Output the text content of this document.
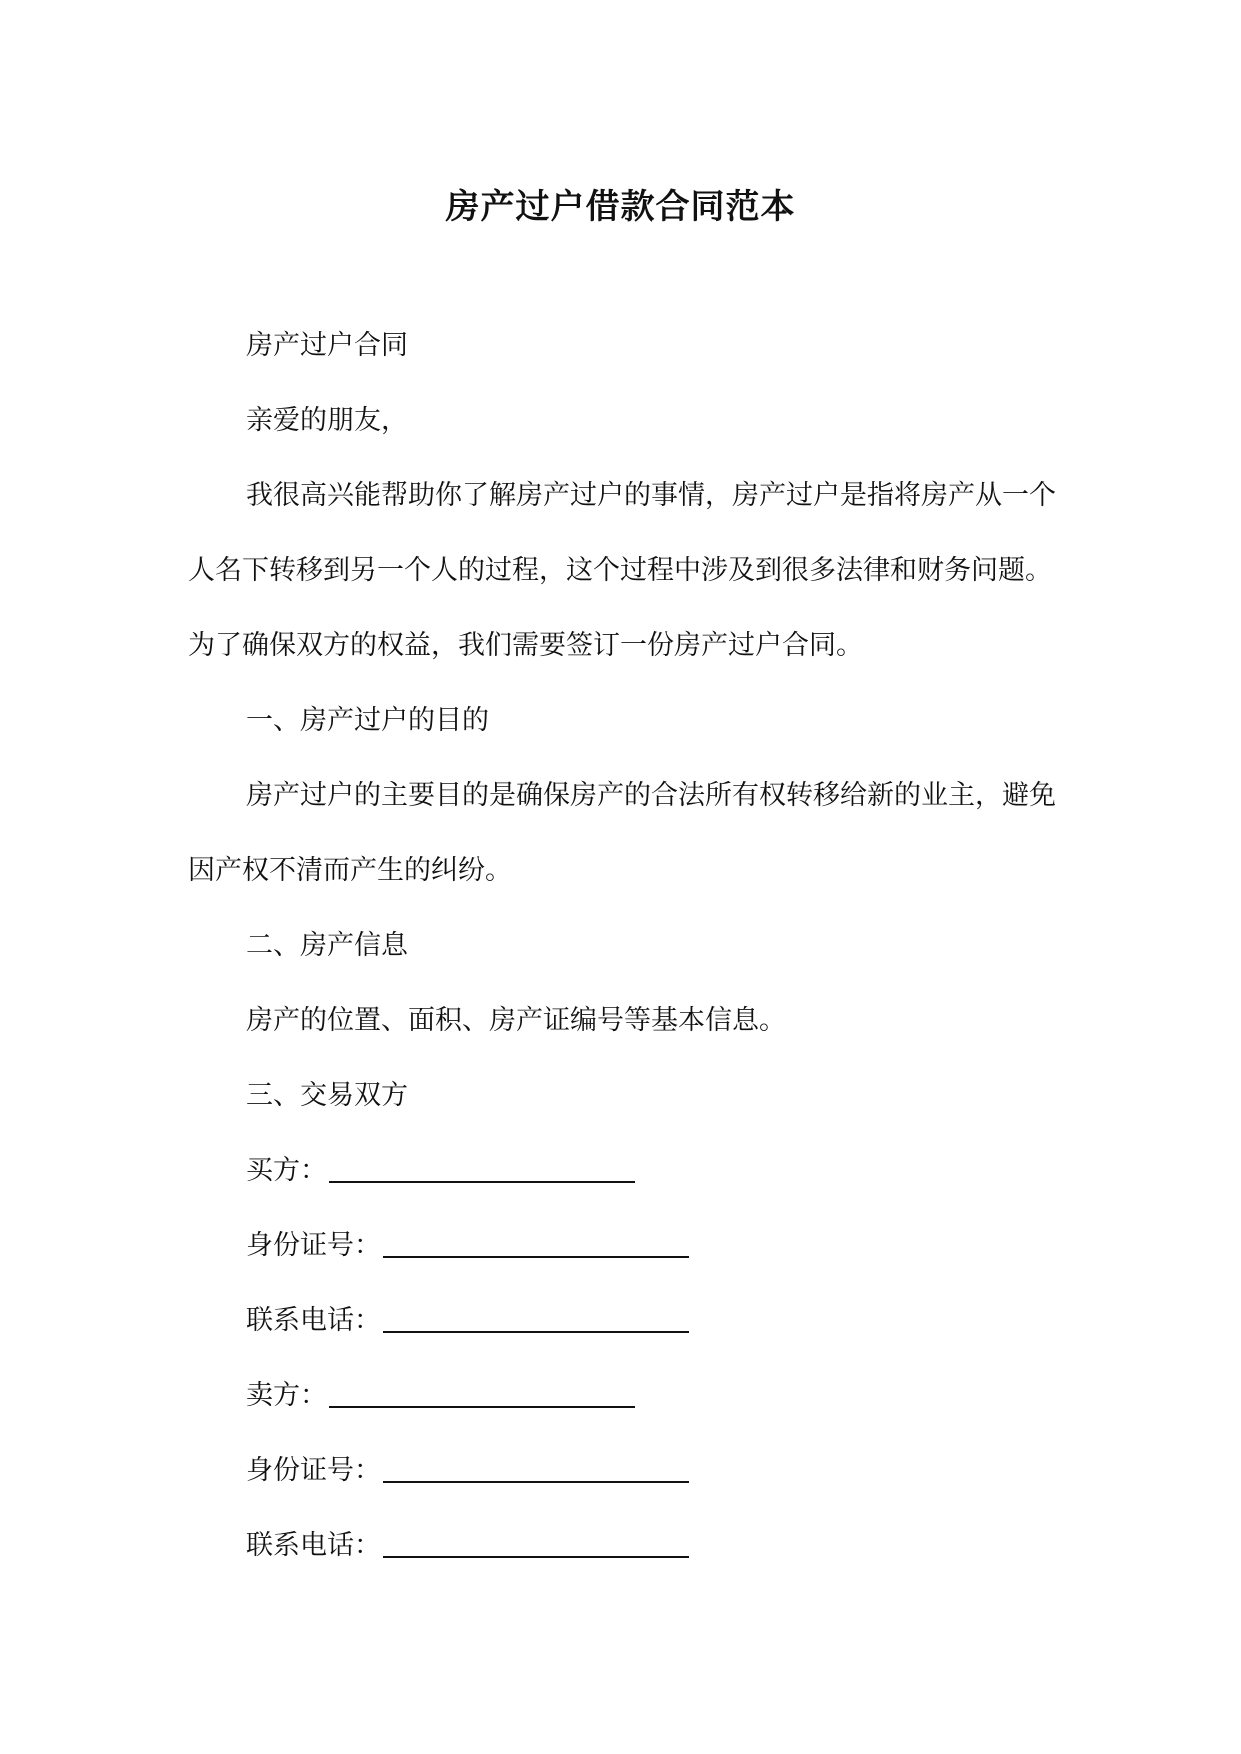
房产过户借款合同范本

房产过户合同

亲爱的朋友，

我很高兴能帮助你了解房产过户的事情，房产过户是指将房产从一个人名下转移到另一个人的过程，这个过程中涉及到很多法律和财务问题。为了确保双方的权益，我们需要签订一份房产过户合同。

一、房产过户的目的

房产过户的主要目的是确保房产的合法所有权转移给新的业主，避免因产权不清而产生的纠纷。

二、房产信息

房产的位置、面积、房产证编号等基本信息。

三、交易双方

买方：

身份证号：

联系电话：

卖方：

身份证号：

联系电话：
